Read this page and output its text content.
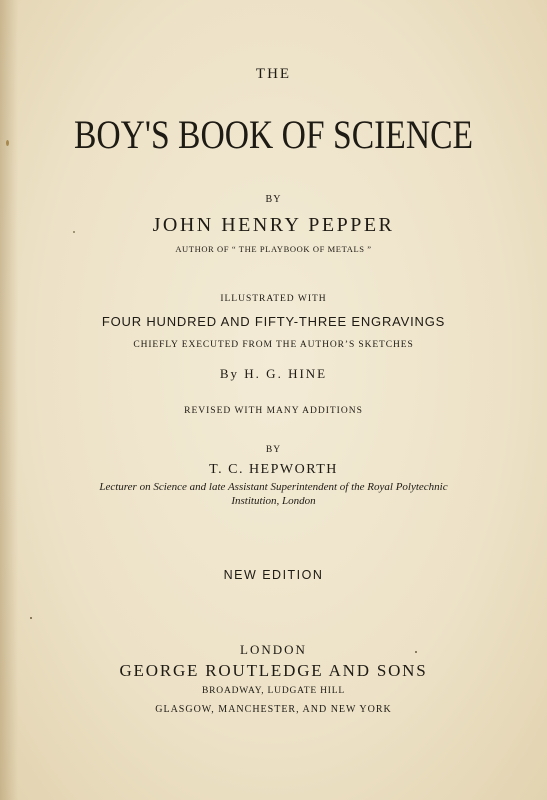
THE
BOY'S BOOK OF SCIENCE
BY
JOHN HENRY PEPPER
AUTHOR OF “ THE PLAYBOOK OF METALS ”
ILLUSTRATED WITH
FOUR HUNDRED AND FIFTY-THREE ENGRAVINGS
CHIEFLY EXECUTED FROM THE AUTHOR’S SKETCHES
By H. G. HINE
REVISED WITH MANY ADDITIONS
BY
T. C. HEPWORTH
Lecturer on Science and late Assistant Superintendent of the Royal Polytechnic
Institution, London
NEW EDITION
LONDON
GEORGE ROUTLEDGE AND SONS
BROADWAY, LUDGATE HILL
GLASGOW, MANCHESTER, AND NEW YORK
